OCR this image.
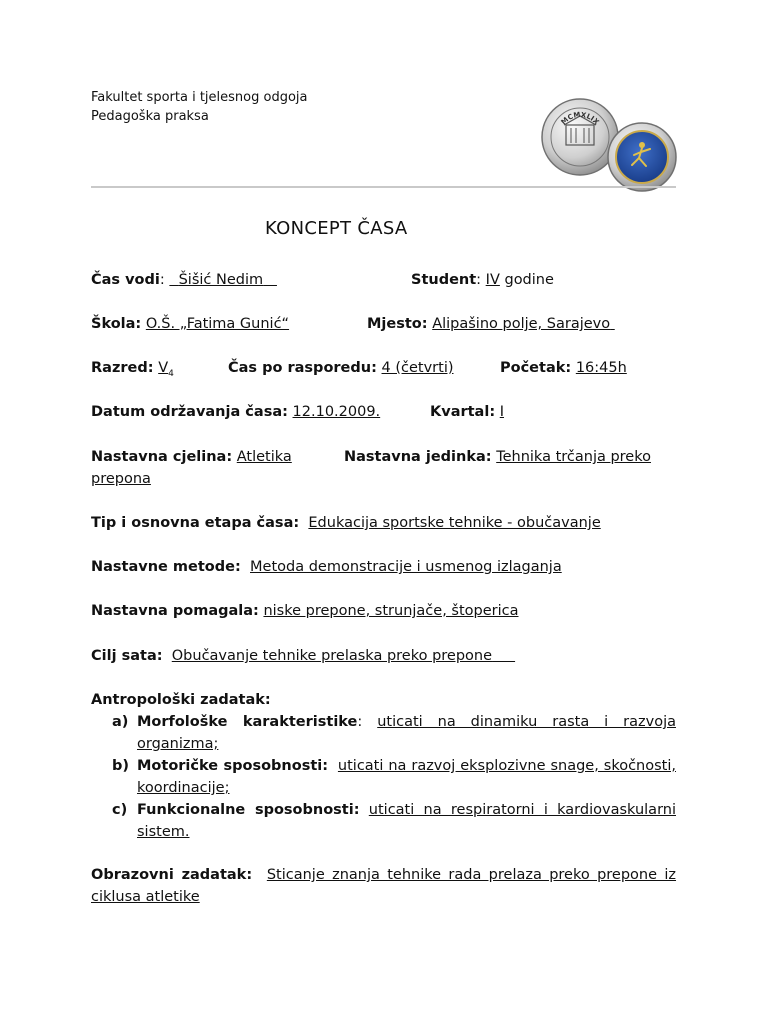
Fakultet sporta i tjelesnog odgoja
Pedagoška praksa	MCMXLIX
KONCEPT ČASA
Čas vodi:   Šišić Nedim	Student: IV godine
Škola: O.Š. „Fatima Gunić“	Mjesto: Alipašino polje, Sarajevo
Razred: $V_4$	Čas po rasporedu: 4 (četvrti)	Početak: 16:45h
Datum održavanja časa: 12.10.2009.	Kvartal: I
Nastavna cjelina: Atletika	Nastavna jedinka: Tehnika trčanja preko
prepona
Tip i osnovna etapa časa: Edukacija sportske tehnike - obučavanje
Nastavne metode: Metoda demonstracije i usmenog izlaganja
Nastavna pomagala: niske prepone, strunjače, štoperica
Cilj sata: Obučavanje tehnike prelaska preko prepone
Antropološki zadatak:
a) Morfološke karakteristike: uticati na dinamiku rasta i razvoja organizma;
b) Motoričke sposobnosti: uticati na razvoj eksplozivne snage, skočnosti, koordinacije;
c) Funkcionalne sposobnosti: uticati na respiratorni i kardiovaskularni sistem.
Obrazovni zadatak: Sticanje znanja tehnike rada prelaza preko prepone iz ciklusa atletike
